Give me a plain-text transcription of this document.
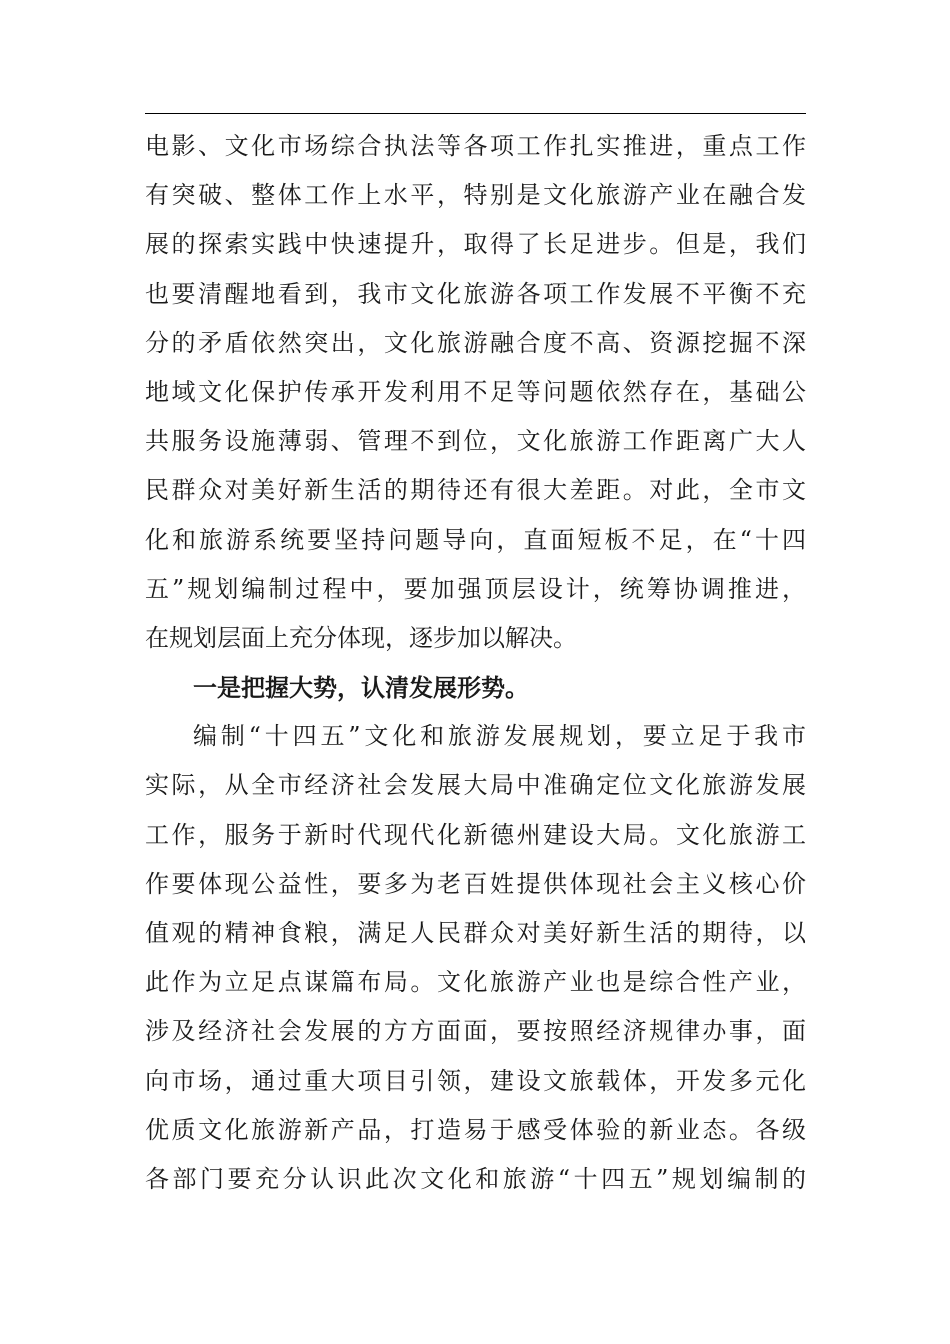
电影、文化市场综合执法等各项工作扎实推进，重点工作
有突破、整体工作上水平，特别是文化旅游产业在融合发
展的探索实践中快速提升，取得了长足进步。但是，我们
也要清醒地看到，我市文化旅游各项工作发展不平衡不充
分的矛盾依然突出，文化旅游融合度不高、资源挖掘不深
地域文化保护传承开发利用不足等问题依然存在，基础公
共服务设施薄弱、管理不到位，文化旅游工作距离广大人
民群众对美好新生活的期待还有很大差距。对此，全市文
化和旅游系统要坚持问题导向，直面短板不足，在“十四
五”规划编制过程中，要加强顶层设计，统筹协调推进，
在规划层面上充分体现，逐步加以解决。
一是把握大势，认清发展形势。
编制“十四五”文化和旅游发展规划，要立足于我市
实际，从全市经济社会发展大局中准确定位文化旅游发展
工作，服务于新时代现代化新德州建设大局。文化旅游工
作要体现公益性，要多为老百姓提供体现社会主义核心价
值观的精神食粮，满足人民群众对美好新生活的期待，以
此作为立足点谋篇布局。文化旅游产业也是综合性产业，
涉及经济社会发展的方方面面，要按照经济规律办事，面
向市场，通过重大项目引领，建设文旅载体，开发多元化
优质文化旅游新产品，打造易于感受体验的新业态。各级
各部门要充分认识此次文化和旅游“十四五”规划编制的
